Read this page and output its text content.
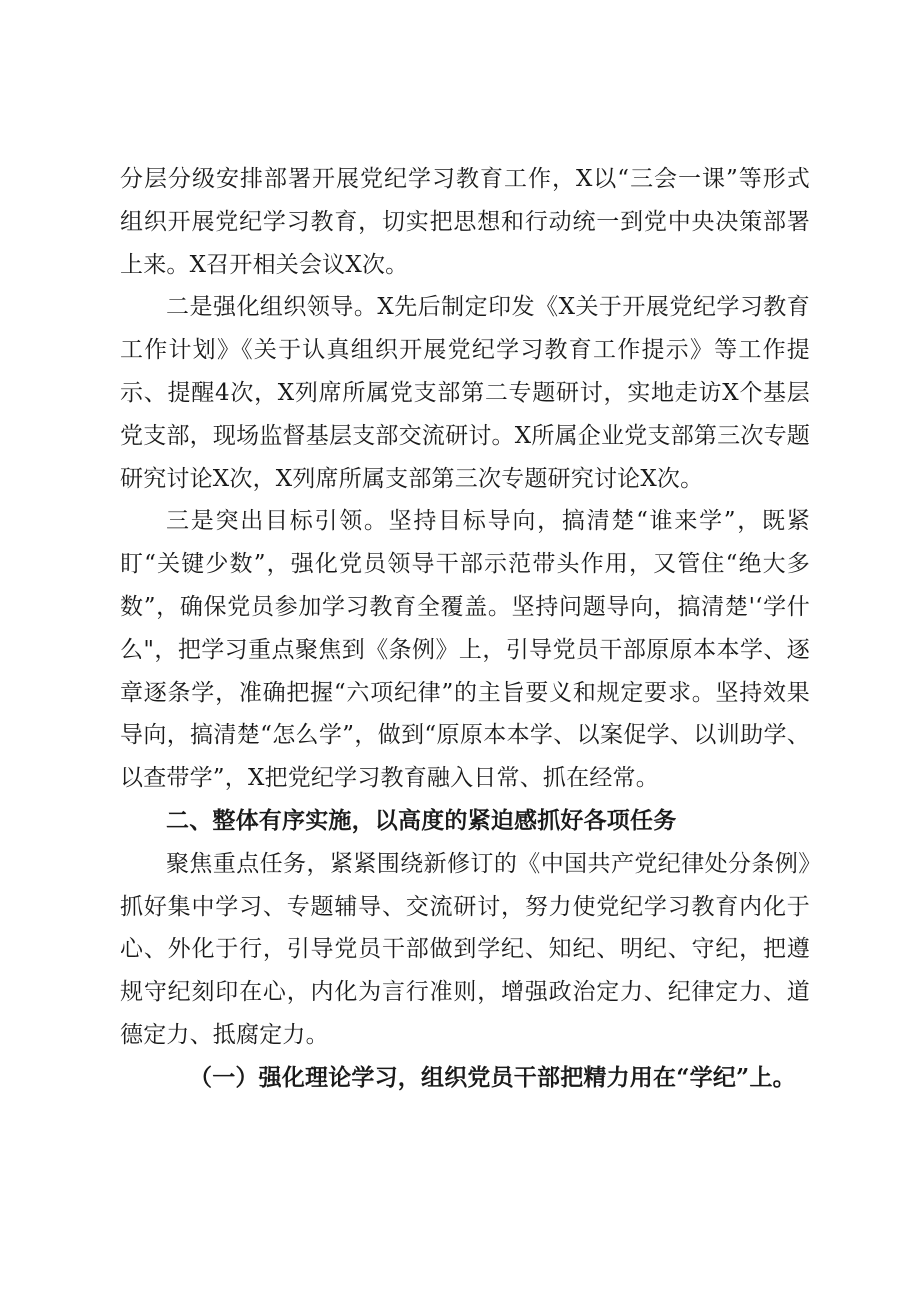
分层分级安排部署开展党纪学习教育工作，X以“三会一课”等形式组织开展党纪学习教育，切实把思想和行动统一到党中央决策部署上来。X召开相关会议X次。

二是强化组织领导。X先后制定印发《X关于开展党纪学习教育工作计划》《关于认真组织开展党纪学习教育工作提示》等工作提示、提醒4次，X列席所属党支部第二专题研讨，实地走访X个基层党支部，现场监督基层支部交流研讨。X所属企业党支部第三次专题研究讨论X次，X列席所属支部第三次专题研究讨论X次。

三是突出目标引领。坚持目标导向，搞清楚“谁来学”，既紧盯“关键少数”，强化党员领导干部示范带头作用，又管住“绝大多数”，确保党员参加学习教育全覆盖。坚持问题导向，搞清楚'‘学什么"，把学习重点聚焦到《条例》上，引导党员干部原原本本学、逐章逐条学，准确把握“六项纪律”的主旨要义和规定要求。坚持效果导向，搞清楚“怎么学”，做到“原原本本学、以案促学、以训助学、以查带学”，X把党纪学习教育融入日常、抓在经常。

二、整体有序实施，以高度的紧迫感抓好各项任务

聚焦重点任务，紧紧围绕新修订的《中国共产党纪律处分条例》抓好集中学习、专题辅导、交流研讨，努力使党纪学习教育内化于心、外化于行，引导党员干部做到学纪、知纪、明纪、守纪，把遵规守纪刻印在心，内化为言行准则，增强政治定力、纪律定力、道德定力、抵腐定力。

（一）强化理论学习，组织党员干部把精力用在“学纪”上。
